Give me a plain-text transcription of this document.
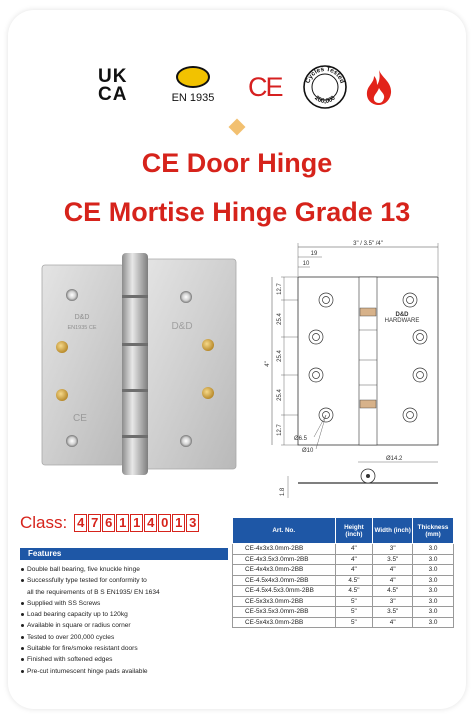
UK
CA	EN 1935	CE	Cycles Tested
200,000
CE Door Hinge
CE Mortise Hinge Grade 13
D&D
EN1935 CE	D&D
CE
3" / 3.5" /4"
19
10
D&D
HARDWARE
4"
12.7
25.4
25.4
25.4
12.7
Ø6.5
Ø10
Ø14.2
1.8
Class: 4 7 6 1 1 4 0 1 3
Features
Double ball bearing, five knuckle hinge
Successfully type tested for conformity to
all the requirements of B S EN1935/ EN 1634
Supplied with SS Screws
Load bearing capacity up to 120kg
Available in square or radius corner
Tested to over 200,000 cycles
Suitable for fire/smoke resistant doors
Finished with softened edges
Pre-cut intumescent hinge pads available
Art. No.	Height (inch)	Width (inch)	Thickness (mm)
CE-4x3x3.0mm-2BB	4"	3"	3.0
CE-4x3.5x3.0mm-2BB	4"	3.5"	3.0
CE-4x4x3.0mm-2BB	4"	4"	3.0
CE-4.5x4x3.0mm-2BB	4.5"	4"	3.0
CE-4.5x4.5x3.0mm-2BB	4.5"	4.5"	3.0
CE-5x3x3.0mm-2BB	5"	3"	3.0
CE-5x3.5x3.0mm-2BB	5"	3.5"	3.0
CE-5x4x3.0mm-2BB	5"	4"	3.0
